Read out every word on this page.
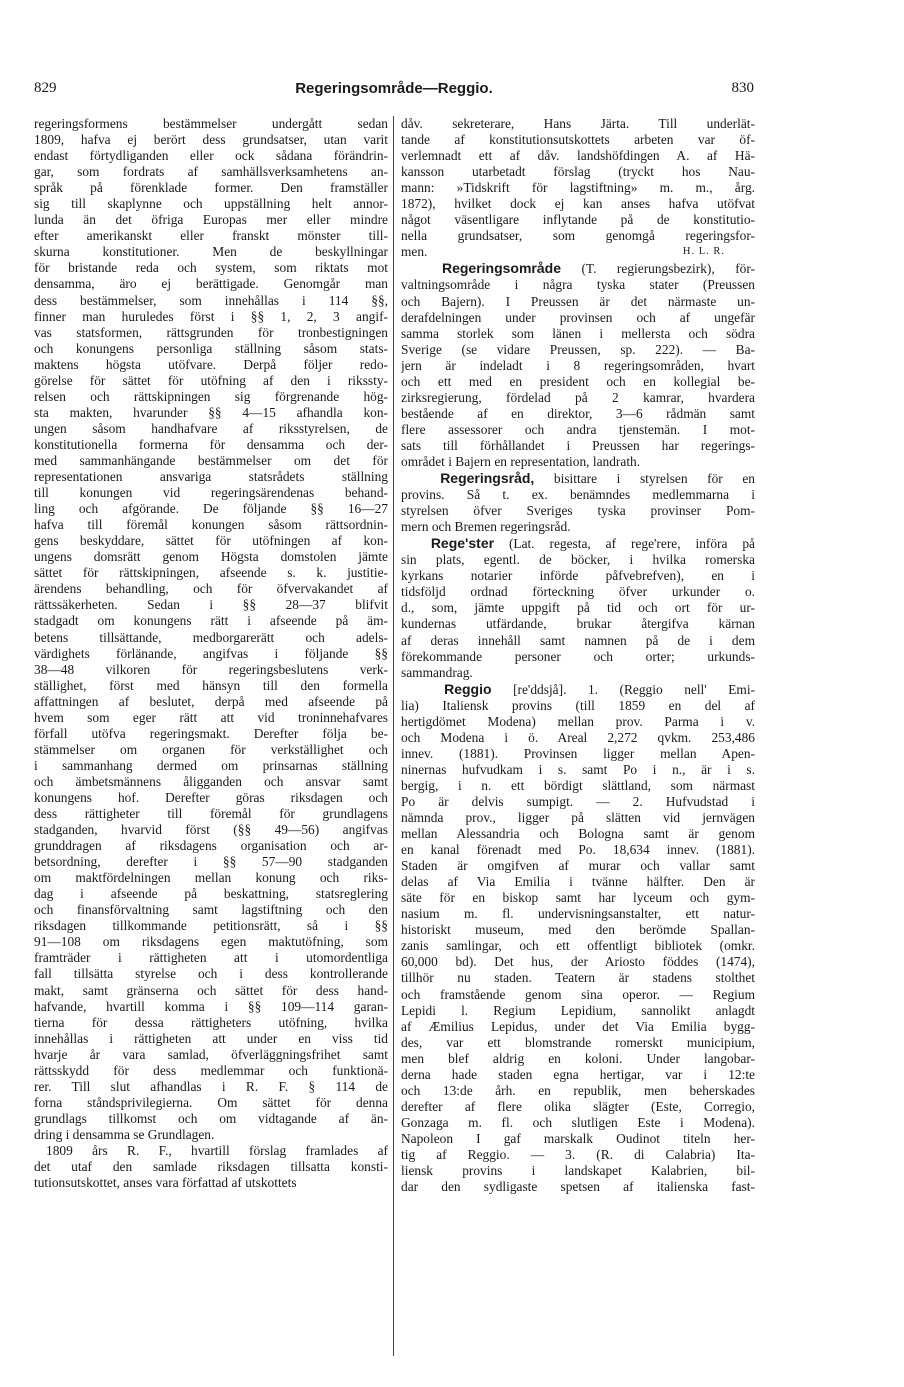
829	Regeringsområde—Reggio.	830
regeringsformens bestämmelser undergått sedan
1809, hafva ej berört dess grundsatser, utan varit
endast förtydliganden eller ock sådana förändrin-
gar, som fordrats af samhällsverksamhetens an-
språk på förenklade former. Den framställer
sig till skaplynne och uppställning helt annor-
lunda än det öfriga Europas mer eller mindre
efter amerikanskt eller franskt mönster till-
skurna konstitutioner. Men de beskyllningar
för bristande reda och system, som riktats mot
densamma, äro ej berättigade. Genomgår man
dess bestämmelser, som innehållas i 114 §§,
finner man huruledes först i §§ 1, 2, 3 angif-
vas statsformen, rättsgrunden för tronbestigningen
och konungens personliga ställning såsom stats-
maktens högsta utöfvare. Derpå följer redo-
görelse för sättet för utöfning af den i rikssty-
relsen och rättskipningen sig förgrenande hög-
sta makten, hvarunder §§ 4—15 afhandla kon-
ungen såsom handhafvare af riksstyrelsen, de
konstitutionella formerna för densamma och der-
med sammanhängande bestämmelser om det för
representationen ansvariga statsrådets ställning
till konungen vid regeringsärendenas behand-
ling och afgörande. De följande §§ 16—27
hafva till föremål konungen såsom rättsordnin-
gens beskyddare, sättet för utöfningen af kon-
ungens domsrätt genom Högsta domstolen jämte
sättet för rättskipningen, afseende s. k. justitie-
ärendens behandling, och för öfvervakandet af
rättssäkerheten. Sedan i §§ 28—37 blifvit
stadgadt om konungens rätt i afseende på äm-
betens tillsättande, medborgarerätt och adels-
värdighets förlänande, angifvas i följande §§
38—48 vilkoren för regeringsbeslutens verk-
ställighet, först med hänsyn till den formella
affattningen af beslutet, derpå med afseende på
hvem som eger rätt att vid troninnehafvares
förfall utöfva regeringsmakt. Derefter följa be-
stämmelser om organen för verkställighet och
i sammanhang dermed om prinsarnas ställning
och ämbetsmännens åligganden och ansvar samt
konungens hof. Derefter göras riksdagen och
dess rättigheter till föremål för grundlagens
stadganden, hvarvid först (§§ 49—56) angifvas
grunddragen af riksdagens organisation och ar-
betsordning, derefter i §§ 57—90 stadganden
om maktfördelningen mellan konung och riks-
dag i afseende på beskattning, statsreglering
och finansförvaltning samt lagstiftning och den
riksdagen tillkommande petitionsrätt, så i §§
91—108 om riksdagens egen maktutöfning, som
framträder i rättigheten att i utomordentliga
fall tillsätta styrelse och i dess kontrollerande
makt, samt gränserna och sättet för dess hand-
hafvande, hvartill komma i §§ 109—114 garan-
tierna för dessa rättigheters utöfning, hvilka
innehållas i rättigheten att under en viss tid
hvarje år vara samlad, öfverläggningsfrihet samt
rättsskydd för dess medlemmar och funktionä-
rer. Till slut afhandlas i R. F. § 114 de
forna ståndsprivilegierna. Om sättet för denna
grundlags tillkomst och om vidtagande af än-
dring i densamma se Grundlagen.
1809 års R. F., hvartill förslag framlades af
det utaf den samlade riksdagen tillsatta konsti-
tutionsutskottet, anses vara författad af utskottets
dåv. sekreterare, Hans Järta. Till underlät-
tande af konstitutionsutskottets arbeten var öf-
verlemnadt ett af dåv. landshöfdingen A. af Hä-
kansson utarbetadt förslag (tryckt hos Nau-
mann: »Tidskrift för lagstiftning» m. m., årg.
1872), hvilket dock ej kan anses hafva utöfvat
något väsentligare inflytande på de konstitutio-
nella grundsatser, som genomgå regeringsfor-
men.	H. L. R.
Regeringsområde (T. regierungsbezirk), för-
valtningsområde i några tyska stater (Preussen
och Bajern). I Preussen är det närmaste un-
derafdelningen under provinsen och af ungefär
samma storlek som länen i mellersta och södra
Sverige (se vidare Preussen, sp. 222). — Ba-
jern är indeladt i 8 regeringsområden, hvart
och ett med en president och en kollegial be-
zirksregierung, fördelad på 2 kamrar, hvardera
bestående af en direktor, 3—6 rådmän samt
flere assessorer och andra tjenstemän. I mot-
sats till förhållandet i Preussen har regerings-
området i Bajern en representation, landrath.
Regeringsråd, bisittare i styrelsen för en
provins. Så t. ex. benämndes medlemmarna i
styrelsen öfver Sveriges tyska provinser Pom-
mern och Bremen regeringsråd.
Rege'ster (Lat. regesta, af rege'rere, införa på
sin plats, egentl. de böcker, i hvilka romerska
kyrkans notarier införde påfvebrefven), en i
tidsföljd ordnad förteckning öfver urkunder o.
d., som, jämte uppgift på tid och ort för ur-
kundernas utfärdande, brukar återgifva kärnan
af deras innehåll samt namnen på de i dem
förekommande personer och orter; urkunds-
sammandrag.
Reggio [re'ddsjå]. 1. (Reggio nell' Emi-
lia) Italiensk provins (till 1859 en del af
hertigdömet Modena) mellan prov. Parma i v.
och Modena i ö. Areal 2,272 qvkm. 253,486
innev. (1881). Provinsen ligger mellan Apen-
ninernas hufvudkam i s. samt Po i n., är i s.
bergig, i n. ett bördigt slättland, som närmast
Po är delvis sumpigt. — 2. Hufvudstad i
nämnda prov., ligger på slätten vid jernvägen
mellan Alessandria och Bologna samt är genom
en kanal förenadt med Po. 18,634 innev. (1881).
Staden är omgifven af murar och vallar samt
delas af Via Emilia i tvänne hälfter. Den är
säte för en biskop samt har lyceum och gym-
nasium m. fl. undervisningsanstalter, ett natur-
historiskt museum, med den berömde Spallan-
zanis samlingar, och ett offentligt bibliotek (omkr.
60,000 bd). Det hus, der Ariosto föddes (1474),
tillhör nu staden. Teatern är stadens stolthet
och framstående genom sina operor. — Regium
Lepidi l. Regium Lepidium, sannolikt anlagdt
af Æmilius Lepidus, under det Via Emilia bygg-
des, var ett blomstrande romerskt municipium,
men blef aldrig en koloni. Under langobar-
derna hade staden egna hertigar, var i 12:te
och 13:de årh. en republik, men beherskades
derefter af flere olika slägter (Este, Corregio,
Gonzaga m. fl. och slutligen Este i Modena).
Napoleon I gaf marskalk Oudinot titeln her-
tig af Reggio. — 3. (R. di Calabria) Ita-
liensk provins i landskapet Kalabrien, bil-
dar den sydligaste spetsen af italienska fast-
